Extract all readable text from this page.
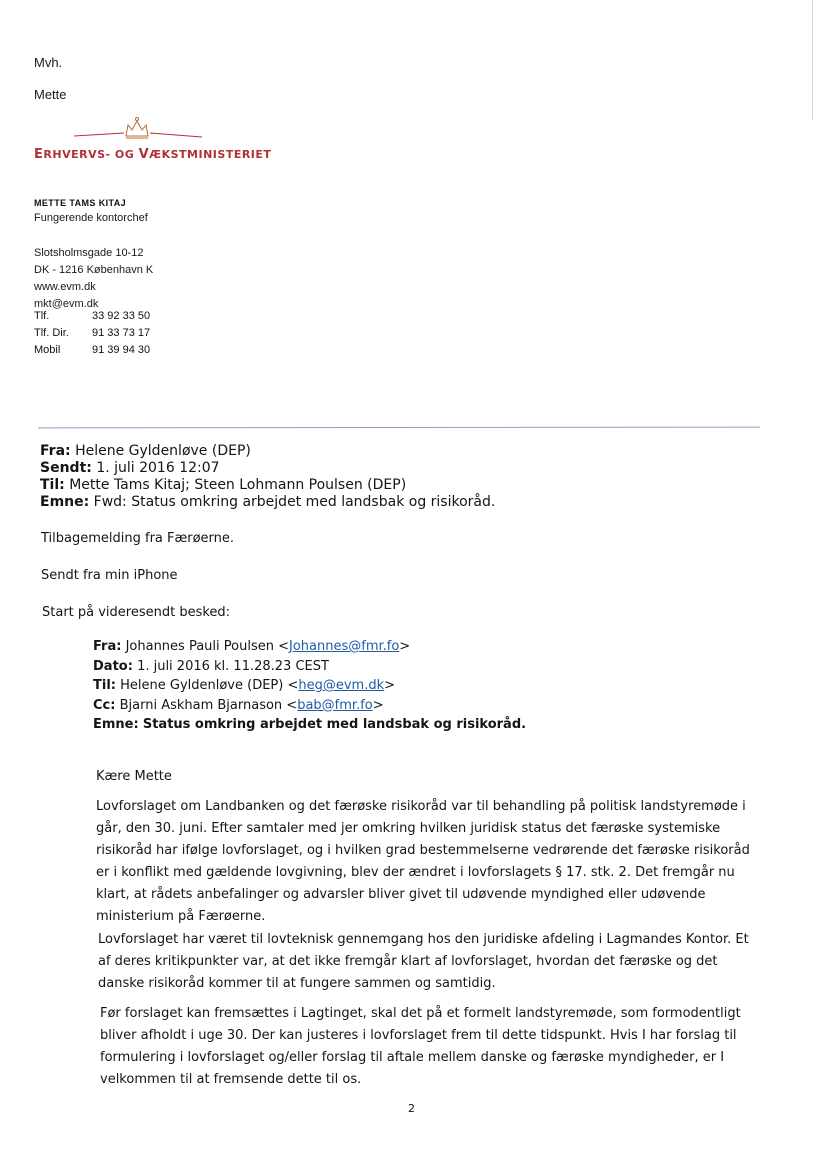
Mvh.

Mette

ERHVERVS- OG VÆKSTMINISTERIET

METTE TAMS KITAJ

Fungerende kontorchef

Slotsholmsgade 10-12

DK - 1216 København K

www.evm.dk

mkt@evm.dk

Tlf.	33 92 33 50
Tlf. Dir.	91 33 73 17
Mobil	91 39 94 30
Fra: Helene Gyldenløve (DEP)
Sendt: 1. juli 2016 12:07
Til: Mette Tams Kitaj; Steen Lohmann Poulsen (DEP)
Emne: Fwd: Status omkring arbejdet med landsbak og risikoråd.

Tilbagemelding fra Færøerne.

Sendt fra min iPhone

Start på videresendt besked:

Fra: Johannes Pauli Poulsen <Johannes@fmr.fo>
Dato: 1. juli 2016 kl. 11.28.23 CEST
Til: Helene Gyldenløve (DEP) <heg@evm.dk>
Cc: Bjarni Askham Bjarnason <bab@fmr.fo>
Emne: Status omkring arbejdet med landsbak og risikoråd.

Kære Mette

Lovforslaget om Landbanken og det færøske risikoråd var til behandling på politisk landstyremøde i
går, den 30. juni. Efter samtaler med jer omkring hvilken juridisk status det færøske systemiske
risikoråd har ifølge lovforslaget, og i hvilken grad bestemmelserne vedrørende det færøske risikoråd
er i konflikt med gældende lovgivning, blev der ændret i lovforslagets § 17. stk. 2. Det fremgår nu
klart, at rådets anbefalinger og advarsler bliver givet til udøvende myndighed eller udøvende
ministerium på Færøerne.
Lovforslaget har været til lovteknisk gennemgang hos den juridiske afdeling i Lagmandes Kontor. Et
af deres kritikpunkter var, at det ikke fremgår klart af lovforslaget, hvordan det færøske og det
danske risikoråd kommer til at fungere sammen og samtidig.
Før forslaget kan fremsættes i Lagtinget, skal det på et formelt landstyremøde, som formodentligt
bliver afholdt i uge 30. Der kan justeres i lovforslaget frem til dette tidspunkt. Hvis I har forslag til
formulering i lovforslaget og/eller forslag til aftale mellem danske og færøske myndigheder, er I
velkommen til at fremsende dette til os.

2
